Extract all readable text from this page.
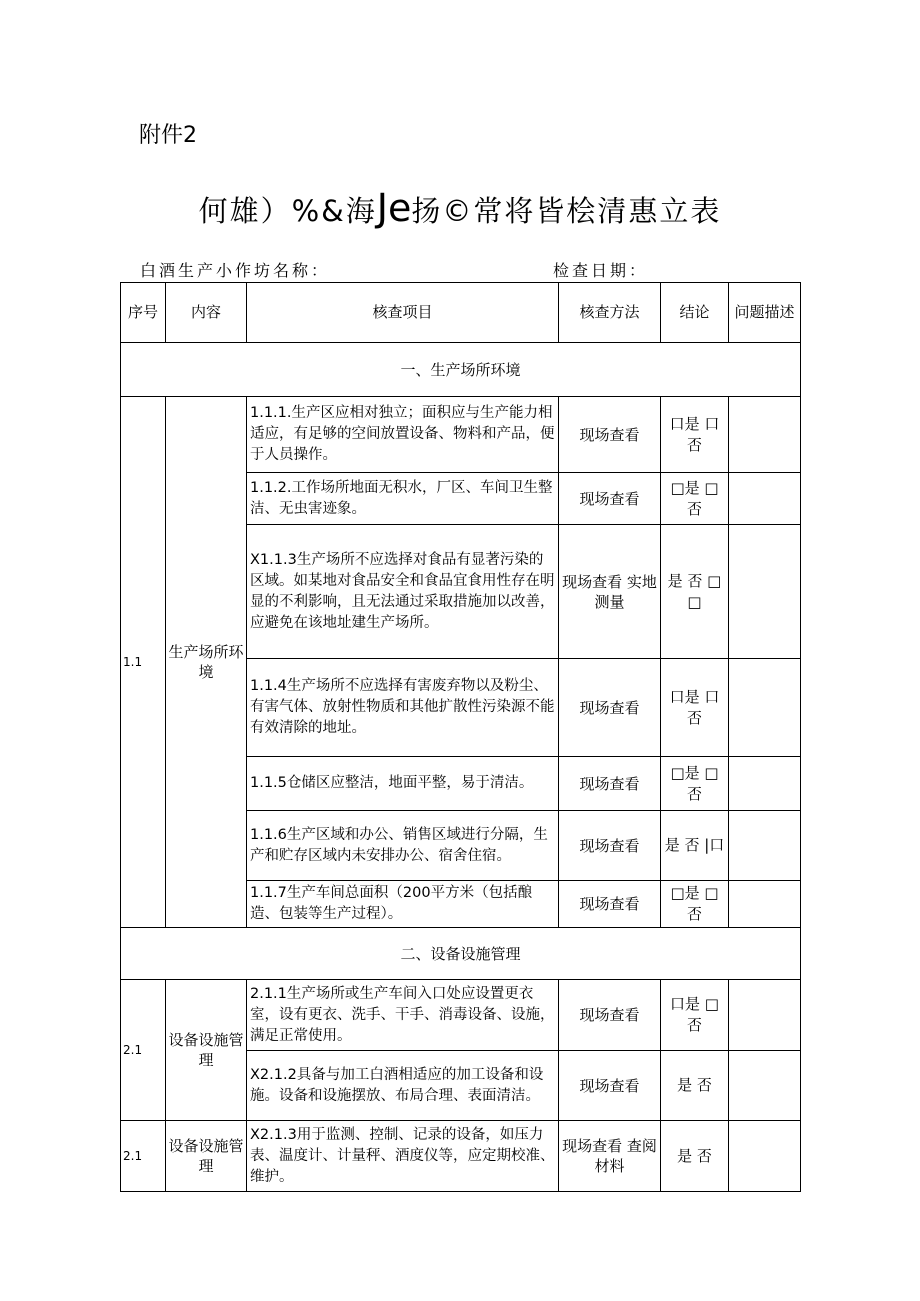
附件2
何雄）%&海Je扬©常将皆桧清惠立表
白酒生产小作坊名称：	检查日期：
序号	内容	核查项目	核查方法	结论	问题描述
一、生产场所环境					
1.1	生产场所环境	1.1.1.生产区应相对独立；面积应与生产能力相适应，有足够的空间放置设备、物料和产品，便于人员操作。	现场查看	口是 口否	
		1.1.2.工作场所地面无积水，厂区、车间卫生整洁、无虫害迹象。	现场查看	□是 □否	
		X1.1.3生产场所不应选择对食品有显著污染的区域。如某地对食品安全和食品宜食用性存在明显的不利影响，且无法通过采取措施加以改善，应避免在该地址建生产场所。	现场查看 实地测量	是 否 □ □	
		1.1.4生产场所不应选择有害废弃物以及粉尘、有害气体、放射性物质和其他扩散性污染源不能有效清除的地址。	现场查看	口是 口否	
		1.1.5仓储区应整洁，地面平整，易于清洁。	现场查看	□是 □否	
		1.1.6生产区域和办公、销售区域进行分隔，生产和贮存区域内未安排办公、宿舍住宿。	现场查看	是 否 |口	
		1.1.7生产车间总面积（200平方米（包括酿造、包装等生产过程）。	现场查看	□是 □否	
二、设备设施管理					
2.1	设备设施管理	2.1.1生产场所或生产车间入口处应设置更衣室，设有更衣、洗手、干手、消毒设备、设施，满足正常使用。	现场查看	口是 □否	
		X2.1.2具备与加工白酒相适应的加工设备和设施。设备和设施摆放、布局合理、表面清洁。	现场查看	是 否	
2.1	设备设施管理	X2.1.3用于监测、控制、记录的设备，如压力表、温度计、计量秤、酒度仪等，应定期校准、维护。	现场查看 查阅材料	是 否	
